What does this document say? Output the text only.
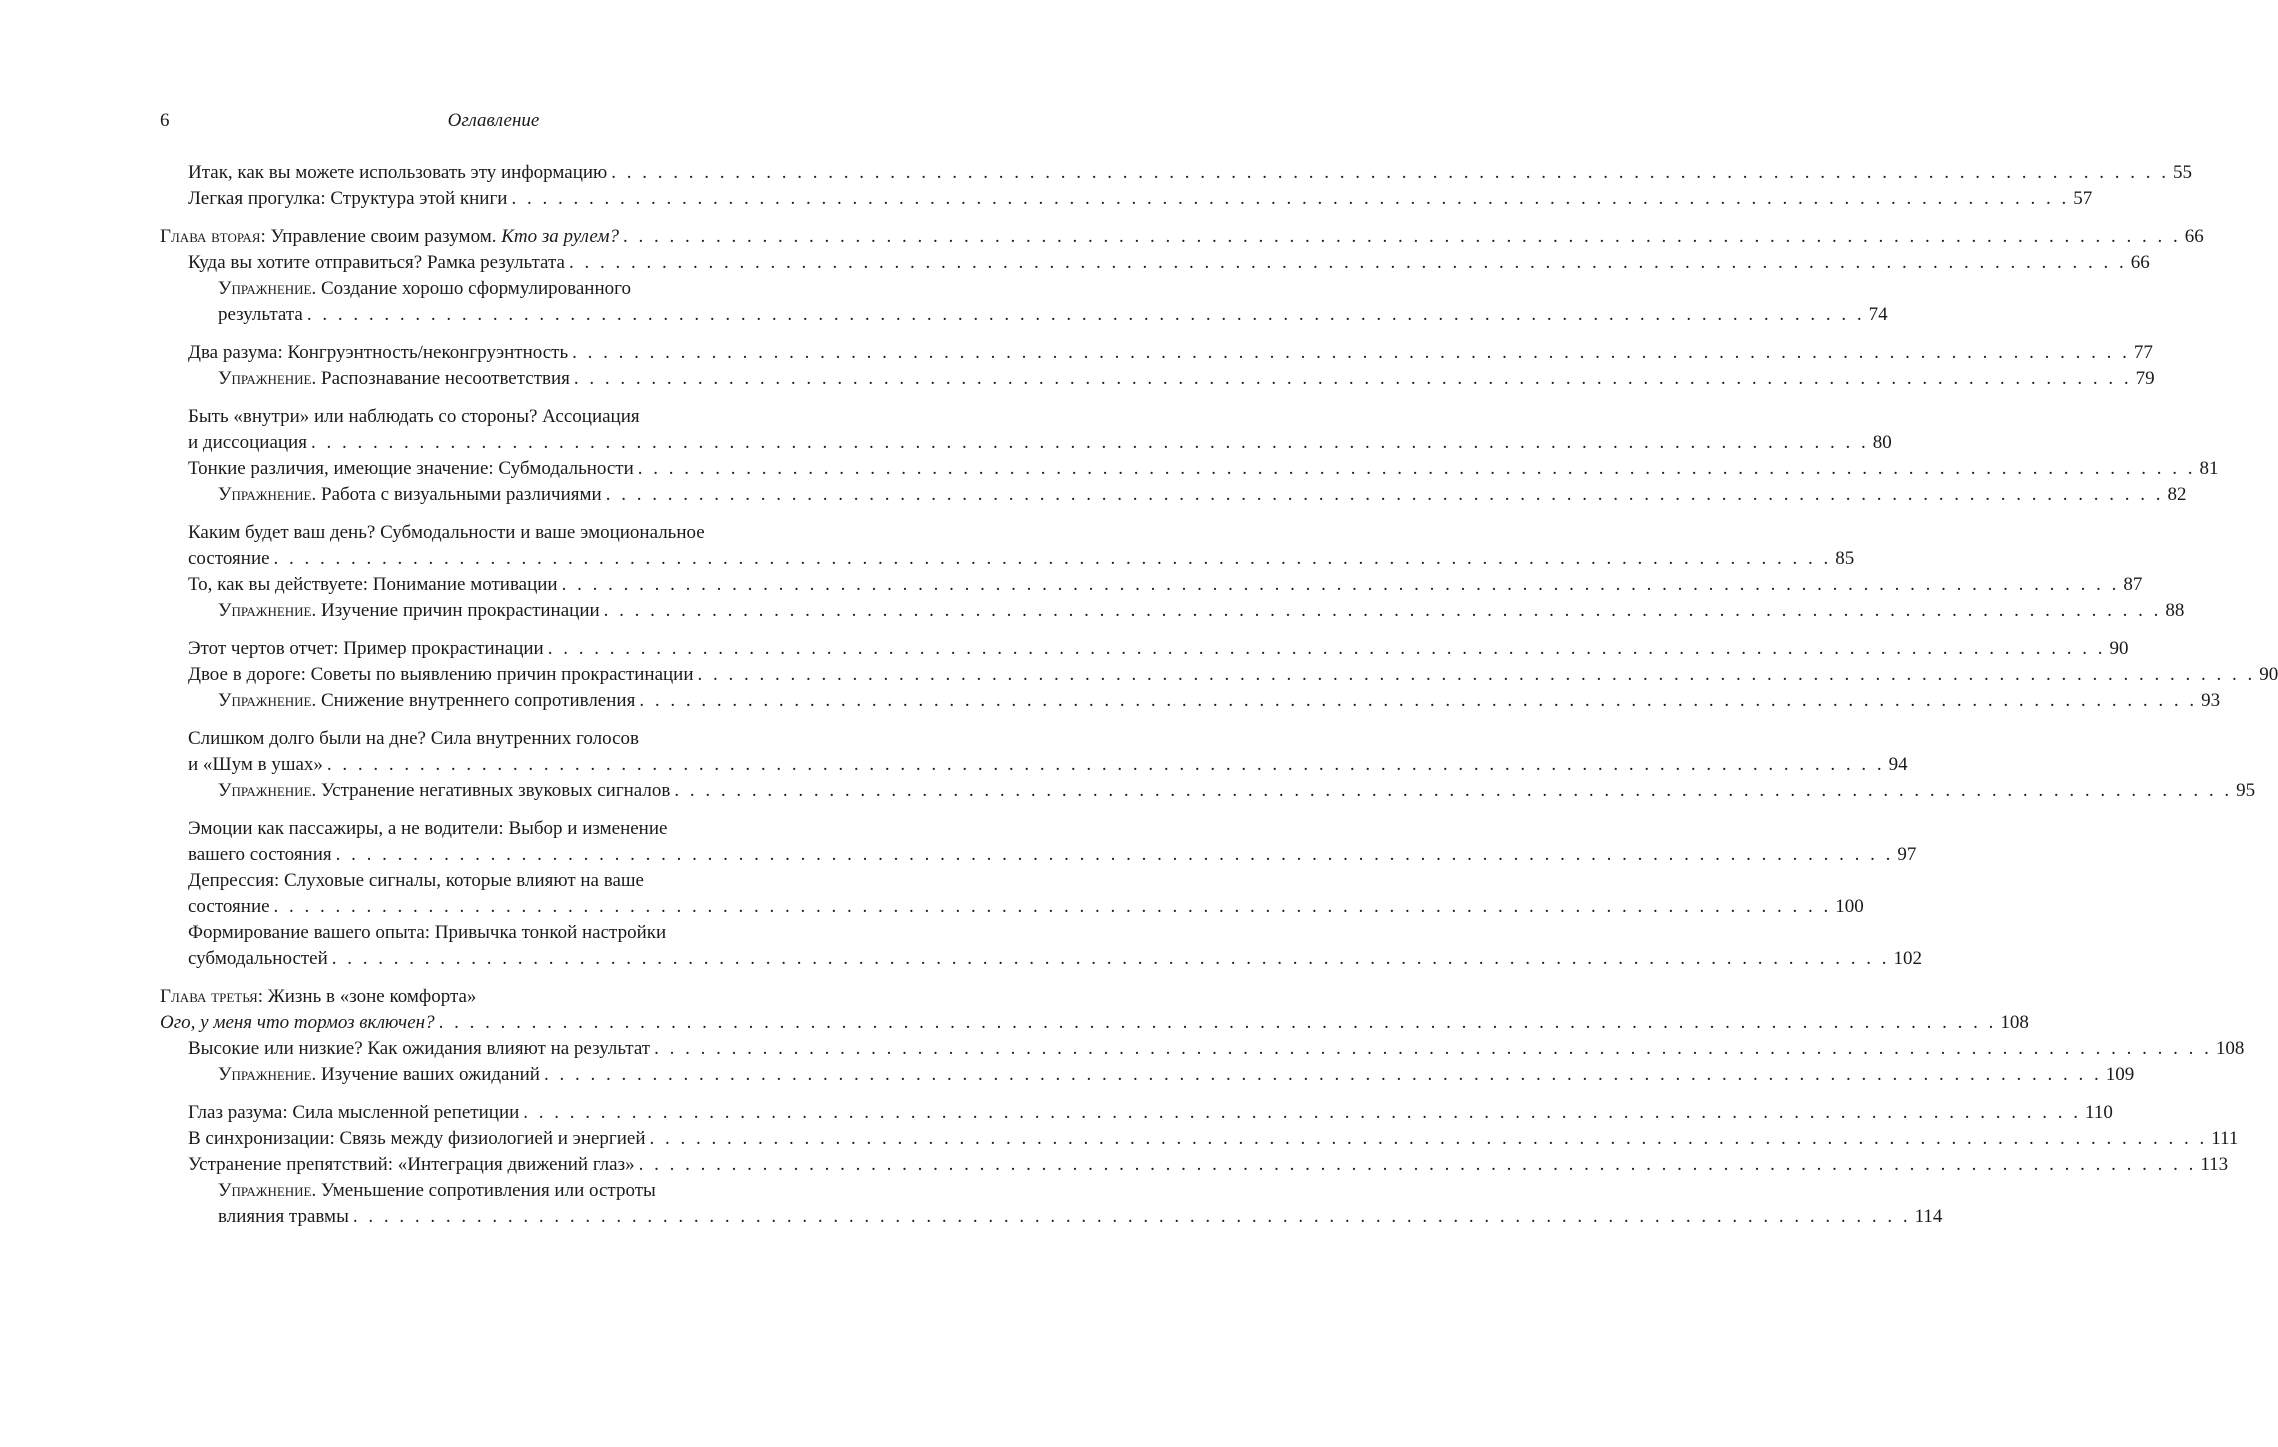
6	Оглавление
Итак, как вы можете использовать эту информацию . . .	55
Легкая прогулка: Структура этой книги . . .	57
Глава вторая: Управление своим разумом. Кто за рулем? . . .	66
Куда вы хотите отправиться? Рамка результата . . .	66
Упражнение. Создание хорошо сформулированного
результата . . .	74
Два разума: Конгруэнтность/неконгруэнтность . . .	77
Упражнение. Распознавание несоответствия . . .	79
Быть «внутри» или наблюдать со стороны? Ассоциация
и диссоциация . . .	80
Тонкие различия, имеющие значение: Субмодальности . . .	81
Упражнение. Работа с визуальными различиями . . .	82
Каким будет ваш день? Субмодальности и ваше эмоциональное
состояние . . .	85
То, как вы действуете: Понимание мотивации . . .	87
Упражнение. Изучение причин прокрастинации . . .	88
Этот чертов отчет: Пример прокрастинации . . .	90
Двое в дороге: Советы по выявлению причин прокрастинации . . .	90
Упражнение. Снижение внутреннего сопротивления . . .	93
Слишком долго были на дне? Сила внутренних голосов
и «Шум в ушах» . . .	94
Упражнение. Устранение негативных звуковых сигналов . . .	95
Эмоции как пассажиры, а не водители: Выбор и изменение
вашего состояния . . .	97
Депрессия: Слуховые сигналы, которые влияют на ваше
состояние . . .	100
Формирование вашего опыта: Привычка тонкой настройки
субмодальностей . . .	102
Глава третья: Жизнь в «зоне комфорта»
Ого, у меня что тормоз включен? . . .	108
Высокие или низкие? Как ожидания влияют на результат . . .	108
Упражнение. Изучение ваших ожиданий . . .	109
Глаз разума: Сила мысленной репетиции . . .	110
В синхронизации: Связь между физиологией и энергией . . .	111
Устранение препятствий: «Интеграция движений глаз» . . .	113
Упражнение. Уменьшение сопротивления или остроты
влияния травмы . . .	114
